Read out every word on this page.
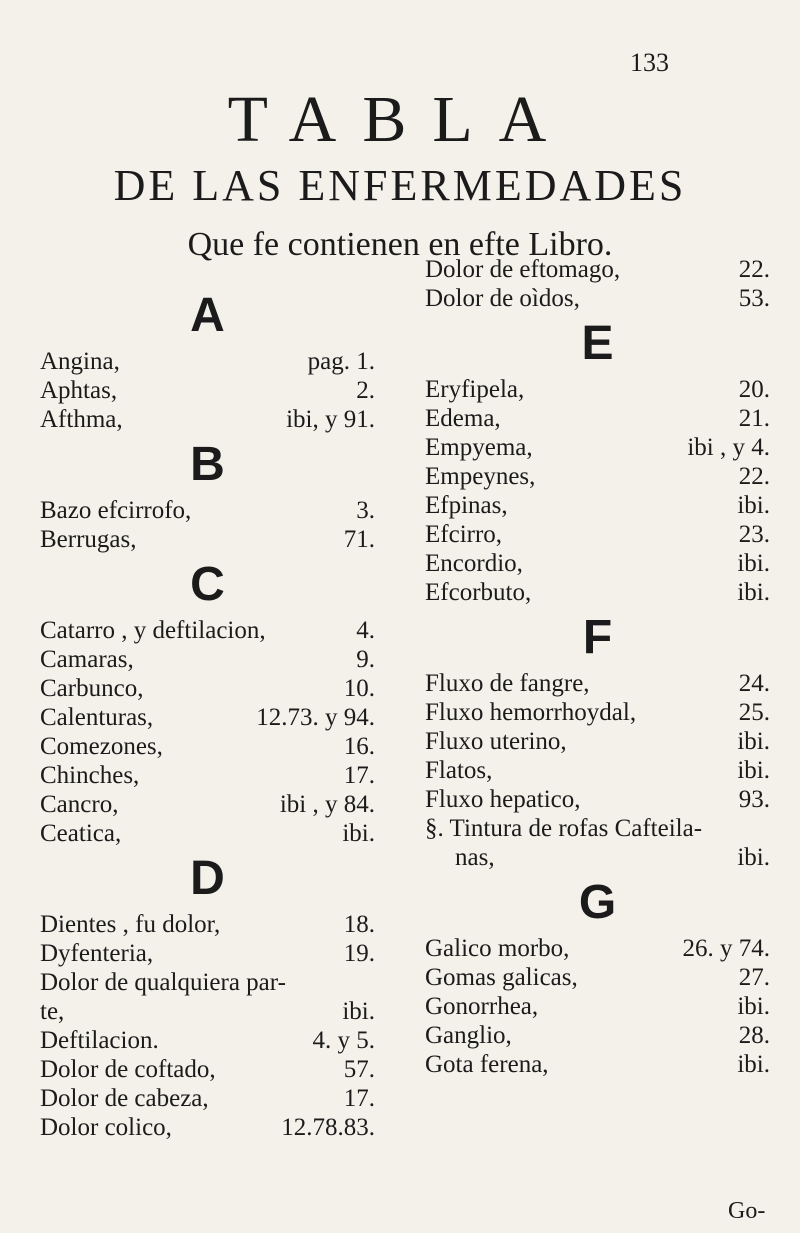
133
TABLA
DE LAS ENFERMEDADES
Que fe contienen en efte Libro.
A
Angina,	pag. 1.
Aphtas,	2.
Afthma,	ibi, y 91.
B
Bazo efcirrofo,	3.
Berrugas,	71.
C
Catarro , y deftilacion,	4.
Camaras,	9.
Carbunco,	10.
Calenturas,	12.73. y 94.
Comezones,	16.
Chinches,	17.
Cancro,	ibi , y 84.
Ceatica,	ibi.
D
Dientes , fu dolor,	18.
Dyfenteria,	19.
Dolor de qualquiera par-
te,	ibi.
Deftilacion.	4. y 5.
Dolor de coftado,	57.
Dolor de cabeza,	17.
Dolor colico,	12.78.83.
Dolor de eftomago,	22.
Dolor de oìdos,	53.
E
Eryfipela,	20.
Edema,	21.
Empyema,	ibi , y 4.
Empeynes,	22.
Efpinas,	ibi.
Efcirro,	23.
Encordio,	ibi.
Efcorbuto,	ibi.
F
Fluxo de fangre,	24.
Fluxo hemorrhoydal,	25.
Fluxo uterino,	ibi.
Flatos,	ibi.
Fluxo hepatico,	93.
§. Tintura de rofas Cafteila-
nas,	ibi.
G
Galico morbo,	26. y 74.
Gomas galicas,	27.
Gonorrhea,	ibi.
Ganglio,	28.
Gota ferena,	ibi.
Go-
